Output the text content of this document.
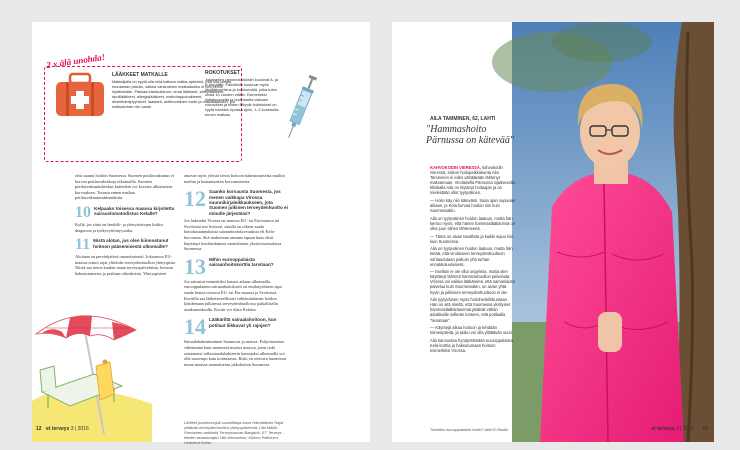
2 x älä unohda!
LÄÄKKEET MATKALLE
Matkalijalla on syytä olla mila kattava matka-apteekki, että ulta pärjää muutaman päivän, vaikka varsinainen matkalaukku ei heti perille löytäisikään. Pakkaa käsilaukkuun: omat lääkkeet, särkylääkkeet, ripulilääkkeet, allergialääkkeet, maitohappobakteerit, desinfiointipyyhkeet, laastarit, antibioottinen voide ja matkalääkkeet, jos matkakohde niin vaatii.
ROKOTUKSET
Jokaisellen perusrokotuksiin kuuluvat A- ja B-hepatiitti. Pakollisiin kuuluvat myös jäykkäkouristus ja kurkkumätä, jotka tulee uusia 10 vuoden välein. Esimerkiksi keltakuumetta ja lavantautia vastaan rokotukset ja niiden liittyvät todistukset on syytä hankkia hyvissä ajoin, 1–2 kuukautta ennen matkaa.
olisi saanut hoidon Suomessa. Suomen potilasvakuutus ei korvaa potilasvahinkoja ulkomailla. Suomen potilasvakuutuskeskus kuitenkin voi korvata ulkomaisen korvauksen. Tutustu ennen matkaa potilasvakuutussäännöksiin.
10 Kelpaako toisessa maassa kirjoitettu sairauslomatodistus Kelalle?
Kyllä, jos siinä on henkilö- ja yhteystietojen lisäksi diagnoosi ja työkyvyttömyysaika.
11 Mistä alotan, jos olen kiinnostunut hoitoon pääsemisestä ulkomaille?
Aloitaan on perehdyttävä omatoimisesti. Jokaisessa EU-maassa toimii rajat ylittävän terveydenhuollon yhteyspiste. Niistä saa tietoa kunkin maan terveyspalveluista, hoitoon hakeutumisesta ja potilaan oikeuksista. Yhteyspisteet
antavat myös yleistä tietoa hoitoon hakeutumisesta muihin maihin ja kustannusten korvaamisesta.
12 Saanko korvausta Suomesta, jos menen vaikkapa Virossa suunnikirjaleikkaukseen, jota Suomen julkinen terveydenhuolto ei minulle järjestäisi?
Jos hakeudut Virossa tai muussa EU- tai Eta-maassa tai Sveitsissä itse hoitoon, sinulla on oikeus saada hoitokustannuksista sairaanhoitokorvauksia eli Kela-korvausta. Sitä maksetaan samaan tapaan kuin olisit käyttänyt hoidatettamasi suomalaisen yksityissairaalassa Suomessa.
13 Mihin eurooppalaista sairaanhoitokorttia tarvitaan?
Jos sairastut esimerkiksi lomasi aikana ulkomailla, eurooppalainen sairaanhoitokortti on ensikäyttöinen tapa saada hoitoa toisessa EU- tai Eta-maassa ja Sveitsissä. Korttilla saa lääketieteellisesti välttämättömän hoidon kohdemaan julkisessa terveydenhuollossa paikallisella asiakasmaksulla. Kortin voi tilata Kelasta.
14 Lääkäriltä sairaalahoitoon, kun potilaat liikkuvat yli rajojen?
Sairaalahakeutuminen Suomessa ja maissa. Pohjoismaissa vähemmän kuin meneessä muissa maassa, joten riski sairaanarsi tullasairaalabakteerin kantajaksi ulkomailla voi olla suurempi kuin kotimaassa. Riski on otettava huomioon muun muassa ammattiensa jatkohoiton Suomessa.
Lähteet jusstemunjuli suureliittaja Anne Hämäläinen Rajat ylittävän terveydenhuollon yhteyspisteestä, Ulla Mäkiö-Parviainen-antkkeiä Terveysturvan Bangkok, ET Terveys -lehden asiantuntijan Ulla Iekeoniemi, Kimmo Pelkonen Hoitoterä Kelan.
12 et terveys 3 | 2016
AILA TAMMINEN, 62, LAHTI
"Hammashoito Pärnussa on kätevää"

KAHVOKODIN VIERESSÄ, kahvokodin vieressä, siskon hoitopaikkakunta Aila Tamminen ei edes vähääkään lähtenyt maksamaan. Virolaisella Pärnussa sijaitsevalla klinikalla Aila on löytänyt hoitaajan ja on mielestään ollut tyytyväinen.

— Hoito käy niin kätevästi. Saan ajan sopivaan aikaan, ja Kela korvaa hoidon niin kuin Suomessakin.

Aila on tyytyväinen hoidon laatuun, mutta hän kertoo myös, että hänen hammaslääkärinsä on ollut juuri siihen lähteneenä.

— Tämä on aivan tavallista ja kaikki sujuu niin kuin Suomessa.

Aila on tyytyväinen hoidon laatuun, mutta hän tietää, että virolaiseen terveydenhuoltoon suhtaudutaan paikoin yhä turhan ennakkoluuloisesti.

— Itsellani ei ole ollut ongelmia, mutta olen käyttänyt lähinnä hammashuollon palveluita. Virossa voi vaikka lääkäreinä, että samanlaista palvelua kuin Suomessakin, on aivan yhtä hyvin ja julkiseen terveydenhuoltoon ei ole.

Aila tyytyväinen myös hoitohenkilökuntaan. Hän on sitä mieltä, että Suomessa yksityiset hammaslääkäriasemat jättävät vähän asiakkaille selkeän tunteen, että potilaalla "tienataan".

— Käyntejä aikaa hoitoon ja tehdään toimenpiteitä, ja tasku voi olla yllättävän suuri.

Aila kannustaa hyödyntämään eurooppalaista Kela-korttia ja hakeutumaan hoitoon esimerkiksi Virossa.

Tunnetko eurooppalaisen kortin? albinTL/Studio	et terveys 3 | 2016 13
